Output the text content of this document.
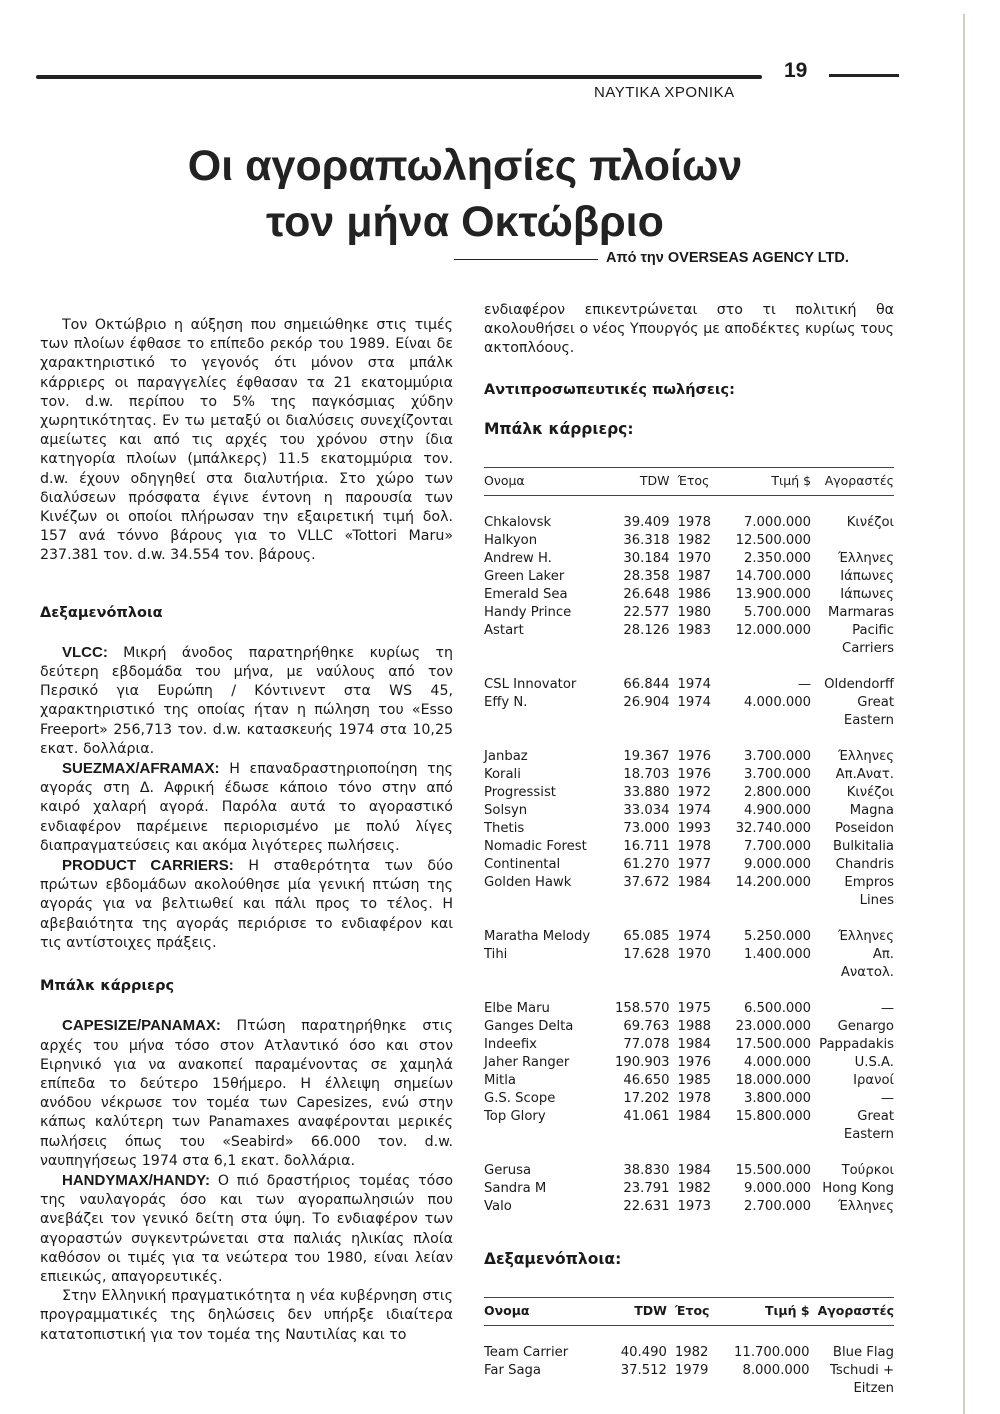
19
ΝΑΥΤΙΚΑ ΧΡΟΝΙΚΑ
Οι αγοραπωλησίες πλοίων
τον μήνα Οκτώβριο
Από την OVERSEAS AGENCY LTD.

Τον Οκτώβριο η αύξηση που σημειώθηκε στις τιμές των πλοίων έφθασε το επίπεδο ρεκόρ του 1989. Είναι δε χαρακτηριστικό το γεγονός ότι μόνον στα μπάλκ κάρριερς οι παραγγελίες έφθασαν τα 21 εκατομμύρια τον. d.w. περίπου το 5% της παγκόσμιας χύδην χωρητικότητας. Εν τω μεταξύ οι διαλύσεις συνεχίζονται αμείωτες και από τις αρχές του χρόνου στην ίδια κατηγορία πλοίων (μπάλκερς) 11.5 εκατομμύρια τον. d.w. έχουν οδηγηθεί στα διαλυτήρια. Στο χώρο των διαλύσεων πρόσφατα έγινε έντονη η παρουσία των Κινέζων οι οποίοι πλήρωσαν την εξαιρετική τιμή δολ. 157 ανά τόννο βάρους για το VLLC «Tottori Maru» 237.381 τον. d.w. 34.554 τον. βάρους.

Δεξαμενόπλοια

VLCC: Μικρή άνοδος παρατηρήθηκε κυρίως τη δεύτερη εβδομάδα του μήνα, με ναύλους από τον Περσικό για Ευρώπη / Κόντινεντ στα WS 45, χαρακτηριστικό της οποίας ήταν η πώληση του «Esso Freeport» 256,713 τον. d.w. κατασκευής 1974 στα 10,25 εκατ. δολλάρια.

SUEZMAX/AFRAMAX: Η επαναδραστηριοποίηση της αγοράς στη Δ. Αφρική έδωσε κάποιο τόνο στην από καιρό χαλαρή αγορά. Παρόλα αυτά το αγοραστικό ενδιαφέρον παρέμεινε περιορισμένο με πολύ λίγες διαπραγματεύσεις και ακόμα λιγότερες πωλήσεις.

PRODUCT CARRIERS: Η σταθερότητα των δύο πρώτων εβδομάδων ακολούθησε μία γενική πτώση της αγοράς για να βελτιωθεί και πάλι προς το τέλος. Η αβεβαιότητα της αγοράς περιόρισε το ενδιαφέρον και τις αντίστοιχες πράξεις.

Μπάλκ κάρριερς

CAPESIZE/PANAMAX: Πτώση παρατηρήθηκε στις αρχές του μήνα τόσο στον Ατλαντικό όσο και στον Ειρηνικό για να ανακοπεί παραμένοντας σε χαμηλά επίπεδα το δεύτερο 15θήμερο. Η έλλειψη σημείων ανόδου νέκρωσε τον τομέα των Capesizes, ενώ στην κάπως καλύτερη των Panamaxes αναφέρονται μερικές πωλήσεις όπως του «Seabird» 66.000 τον. d.w. ναυπηγήσεως 1974 στα 6,1 εκατ. δολλάρια.

HANDYMAX/HANDY: Ο πιό δραστήριος τομέας τόσο της ναυλαγοράς όσο και των αγοραπωλησιών που ανεβάζει τον γενικό δείτη στα ύψη. Το ενδιαφέρον των αγοραστών συγκεντρώνεται στα παλιάς ηλικίας πλοία καθόσον οι τιμές για τα νεώτερα του 1980, είναι λείαν επιεικώς, απαγορευτικές.

Στην Ελληνική πραγματικότητα η νέα κυβέρνηση στις προγραμματικές της δηλώσεις δεν υπήρξε ιδιαίτερα κατατοπιστική για τον τομέα της Ναυτιλίας και το

ενδιαφέρον επικεντρώνεται στο τι πολιτική θα ακολουθήσει ο νέος Υπουργός με αποδέκτες κυρίως τους ακτοπλόους.

Αντιπροσωπευτικές πωλήσεις:
Μπάλκ κάρριερς:
Ονομα	TDW	Έτος	Τιμή $	Αγοραστές

Chkalovsk	39.409	1978	7.000.000	Κινέζοι
Halkyon	36.318	1982	12.500.000	
Andrew H.	30.184	1970	2.350.000	Έλληνες
Green Laker	28.358	1987	14.700.000	Ιάπωνες
Emerald Sea	26.648	1986	13.900.000	Ιάπωνες
Handy Prince	22.577	1980	5.700.000	Marmaras
Astart	28.126	1983	12.000.000	Pacific Carriers

CSL Innovator	66.844	1974	—	Oldendorff
Effy N.	26.904	1974	4.000.000	Great Eastern

Janbaz	19.367	1976	3.700.000	Έλληνες
Korali	18.703	1976	3.700.000	Απ.Ανατ.
Progressist	33.880	1972	2.800.000	Κινέζοι
Solsyn	33.034	1974	4.900.000	Magna
Thetis	73.000	1993	32.740.000	Poseidon
Nomadic Forest	16.711	1978	7.700.000	Bulkitalia
Continental	61.270	1977	9.000.000	Chandris
Golden Hawk	37.672	1984	14.200.000	Empros Lines

Maratha Melody	65.085	1974	5.250.000	Έλληνες
Tihi	17.628	1970	1.400.000	Απ. Ανατολ.

Elbe Maru	158.570	1975	6.500.000	—
Ganges Delta	69.763	1988	23.000.000	Genargo
Indeefix	77.078	1984	17.500.000	Pappadakis
Jaher Ranger	190.903	1976	4.000.000	U.S.A.
Mitla	46.650	1985	18.000.000	Ιρανοί
G.S. Scope	17.202	1978	3.800.000	—
Top Glory	41.061	1984	15.800.000	Great Eastern

Gerusa	38.830	1984	15.500.000	Τούρκοι
Sandra M	23.791	1982	9.000.000	Hong Kong
Valo	22.631	1973	2.700.000	Έλληνες
Δεξαμενόπλοια:
Ονομα	TDW	Έτος	Τιμή $	Αγοραστές

Team Carrier	40.490	1982	11.700.000	Blue Flag
Far Saga	37.512	1979	8.000.000	Tschudi + Eitzen
